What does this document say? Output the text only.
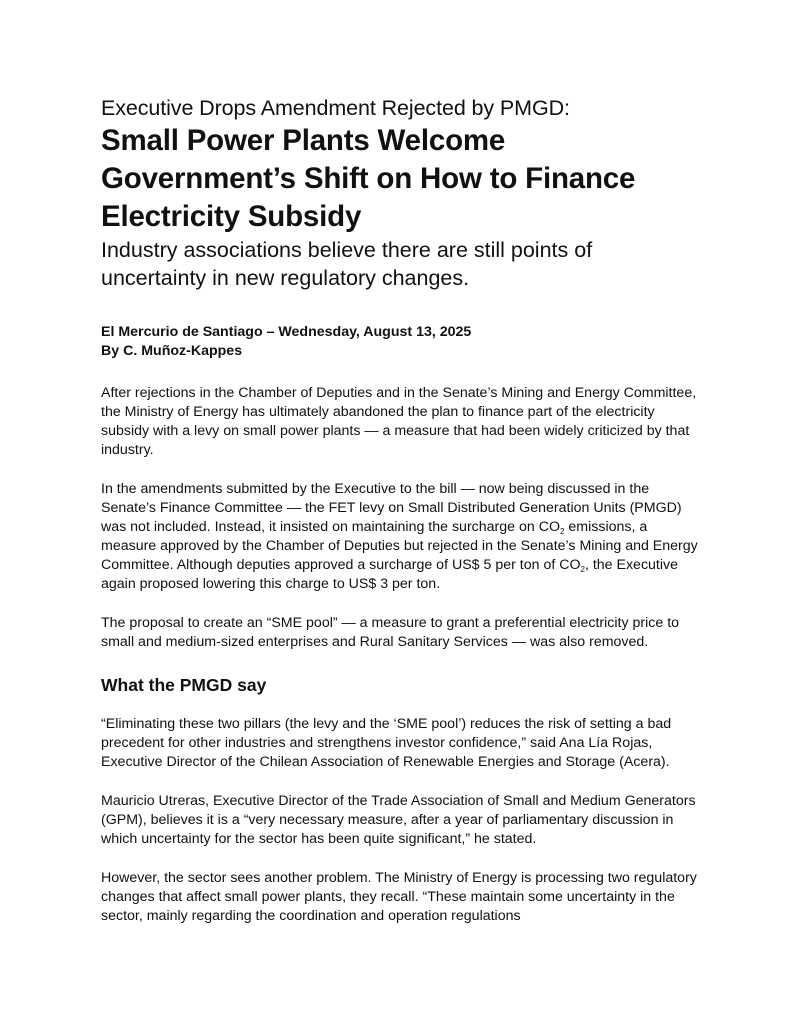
Executive Drops Amendment Rejected by PMGD:
Small Power Plants Welcome Government’s Shift on How to Finance Electricity Subsidy
Industry associations believe there are still points of uncertainty in new regulatory changes.
El Mercurio de Santiago – Wednesday, August 13, 2025
By C. Muñoz-Kappes

After rejections in the Chamber of Deputies and in the Senate’s Mining and Energy Committee, the Ministry of Energy has ultimately abandoned the plan to finance part of the electricity subsidy with a levy on small power plants — a measure that had been widely criticized by that industry.

In the amendments submitted by the Executive to the bill — now being discussed in the Senate’s Finance Committee — the FET levy on Small Distributed Generation Units (PMGD) was not included. Instead, it insisted on maintaining the surcharge on $CO_2$ emissions, a measure approved by the Chamber of Deputies but rejected in the Senate’s Mining and Energy Committee. Although deputies approved a surcharge of US$ 5 per ton of $CO_2$, the Executive again proposed lowering this charge to US$ 3 per ton.

The proposal to create an “SME pool” — a measure to grant a preferential electricity price to small and medium-sized enterprises and Rural Sanitary Services — was also removed.

What the PMGD say

“Eliminating these two pillars (the levy and the ‘SME pool’) reduces the risk of setting a bad precedent for other industries and strengthens investor confidence,” said Ana Lía Rojas, Executive Director of the Chilean Association of Renewable Energies and Storage (Acera).

Mauricio Utreras, Executive Director of the Trade Association of Small and Medium Generators (GPM), believes it is a “very necessary measure, after a year of parliamentary discussion in which uncertainty for the sector has been quite significant,” he stated.

However, the sector sees another problem. The Ministry of Energy is processing two regulatory changes that affect small power plants, they recall. “These maintain some uncertainty in the sector, mainly regarding the coordination and operation regulations
